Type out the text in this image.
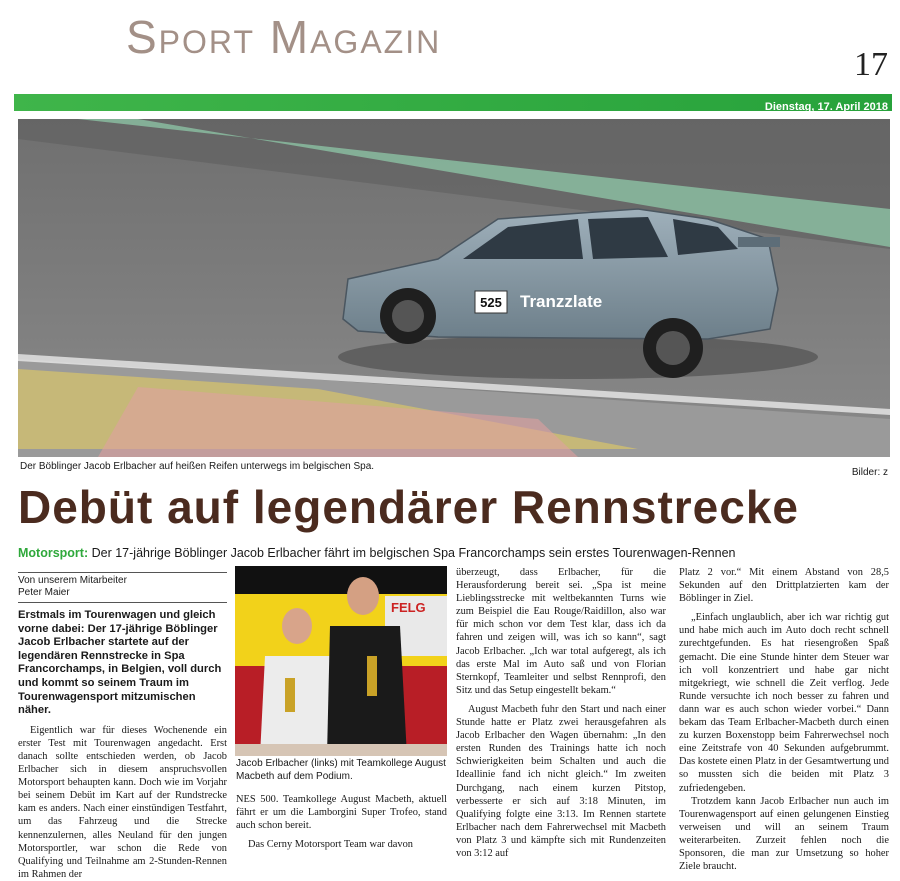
Sport Magazin
17
Dienstag, 17. April 2018
525 Tranzzlate
Der Böblinger Jacob Erlbacher auf heißen Reifen unterwegs im belgischen Spa.
Bilder: z
Debüt auf legendärer Rennstrecke
Motorsport: Der 17-jährige Böblinger Jacob Erlbacher fährt im belgischen Spa Francorchamps sein erstes Tourenwagen-Rennen
Von unserem Mitarbeiter
Peter Maier

Erstmals im Tourenwagen und gleich vorne dabei: Der 17-jährige Böblinger Jacob Erlbacher startete auf der legendären Rennstrecke in Spa Francorchamps, in Belgien, voll durch und kommt so seinem Traum im Tourenwagensport mitzumischen näher.

Eigentlich war für dieses Wochenende ein erster Test mit Tourenwagen angedacht. Erst danach sollte entschieden werden, ob Jacob Erlbacher sich in diesem anspruchsvollen Motorsport behaupten kann. Doch wie im Vorjahr bei seinem Debüt im Kart auf der Rundstrecke kam es anders. Nach einer einstündigen Testfahrt, um das Fahrzeug und die Strecke kennenzulernen, alles Neuland für den jungen Motorsportler, war schon die Rede von Qualifying und Teilnahme am 2-Stunden-Rennen im Rahmen der

FELG
Jacob Erlbacher (links) mit Teamkollege August Macbeth auf dem Podium.

NES 500. Teamkollege August Macbeth, aktuell fährt er um die Lamborgini Super Trofeo, stand auch schon bereit.

Das Cerny Motorsport Team war davon

überzeugt, dass Erlbacher, für die Herausforderung bereit sei. „Spa ist meine Lieblingsstrecke mit weltbekannten Turns wie zum Beispiel die Eau Rouge/Raidillon, also war für mich schon vor dem Test klar, dass ich da fahren und zeigen will, was ich so kann“, sagt Jacob Erlbacher. „Ich war total aufgeregt, als ich das erste Mal im Auto saß und von Florian Sternkopf, Teamleiter und selbst Rennprofi, den Sitz und das Setup eingestellt bekam.“

August Macbeth fuhr den Start und nach einer Stunde hatte er Platz zwei herausgefahren als Jacob Erlbacher den Wagen übernahm: „In den ersten Runden des Trainings hatte ich noch Schwierigkeiten beim Schalten und auch die Ideallinie fand ich nicht gleich.“ Im zweiten Durchgang, nach einem kurzen Pitstop, verbesserte er sich auf 3:18 Minuten, im Qualifying folgte eine 3:13. Im Rennen startete Erlbacher nach dem Fahrerwechsel mit Macbeth von Platz 3 und kämpfte sich mit Rundenzeiten von 3:12 auf

Platz 2 vor.“ Mit einem Abstand von 28,5 Sekunden auf den Drittplatzierten kam der Böblinger in Ziel.

„Einfach unglaublich, aber ich war richtig gut und habe mich auch im Auto doch recht schnell zurechtgefunden. Es hat riesengroßen Spaß gemacht. Die eine Stunde hinter dem Steuer war ich voll konzentriert und habe gar nicht mitgekriegt, wie schnell die Zeit verflog. Jede Runde versuchte ich noch besser zu fahren und dann war es auch schon wieder vorbei.“ Dann bekam das Team Erlbacher-Macbeth durch einen zu kurzen Boxenstopp beim Fahrerwechsel noch eine Zeitstrafe von 40 Sekunden aufgebrummt. Das kostete einen Platz in der Gesamtwertung und so mussten sich die beiden mit Platz 3 zufriedengeben.

Trotzdem kann Jacob Erlbacher nun auch im Tourenwagensport auf einen gelungenen Einstieg verweisen und will an seinem Traum weiterarbeiten. Zurzeit fehlen noch die Sponsoren, die man zur Umsetzung so hoher Ziele braucht.
